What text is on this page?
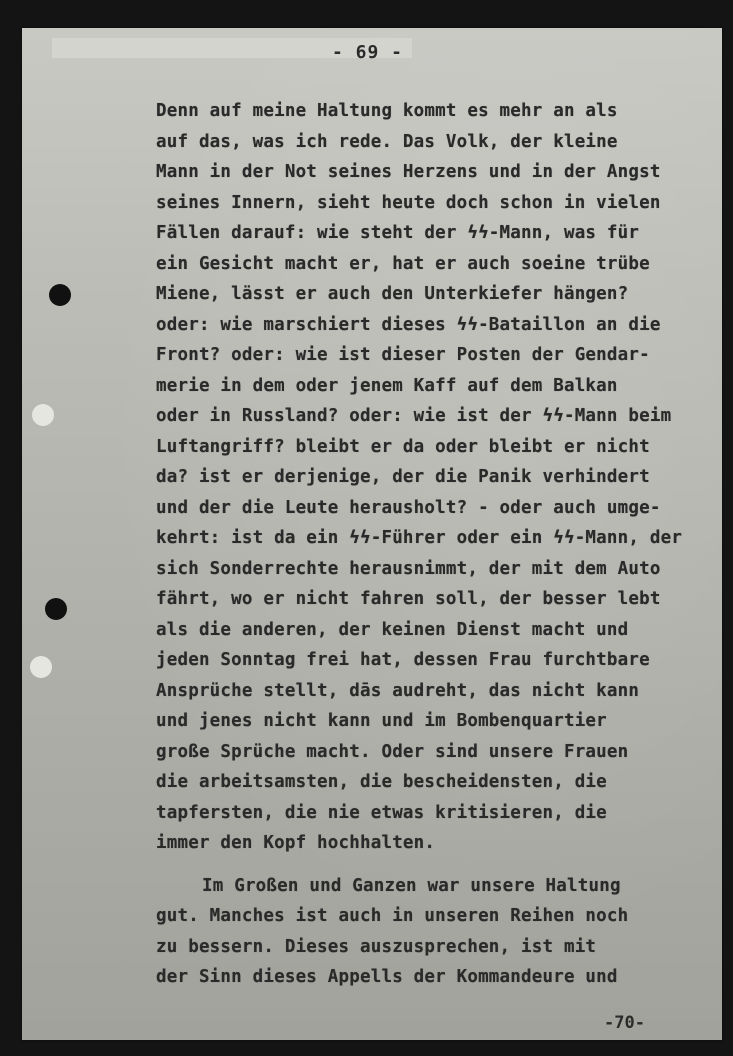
- 69 -
Denn auf meine Haltung kommt es mehr an als
auf das, was ich rede. Das Volk, der kleine
Mann in der Not seines Herzens und in der Angst
seines Innern, sieht heute doch schon in vielen
Fällen darauf: wie steht der ϟϟ-Mann, was für
ein Gesicht macht er, hat er auch soeine trübe
Miene, lässt er auch den Unterkiefer hängen?
oder: wie marschiert dieses ϟϟ-Bataillon an die
Front? oder: wie ist dieser Posten der Gendar-
merie in dem oder jenem Kaff auf dem Balkan
oder in Russland? oder: wie ist der ϟϟ-Mann beim
Luftangriff? bleibt er da oder bleibt er nicht
da? ist er derjenige, der die Panik verhindert
und der die Leute herausholt? - oder auch umge-
kehrt: ist da ein ϟϟ-Führer oder ein ϟϟ-Mann, der
sich Sonderrechte herausnimmt, der mit dem Auto
fährt, wo er nicht fahren soll, der besser lebt
als die anderen, der keinen Dienst macht und
jeden Sonntag frei hat, dessen Frau furchtbare
Ansprüche stellt, dās audreht, das nicht kann
und jenes nicht kann und im Bombenquartier
große Sprüche macht. Oder sind unsere Frauen
die arbeitsamsten, die bescheidensten, die
tapfersten, die nie etwas kritisieren, die
immer den Kopf hochhalten.
Im Großen und Ganzen war unsere Haltung
gut. Manches ist auch in unseren Reihen noch
zu bessern. Dieses auszusprechen, ist mit
der Sinn dieses Appells der Kommandeure und
-70-
